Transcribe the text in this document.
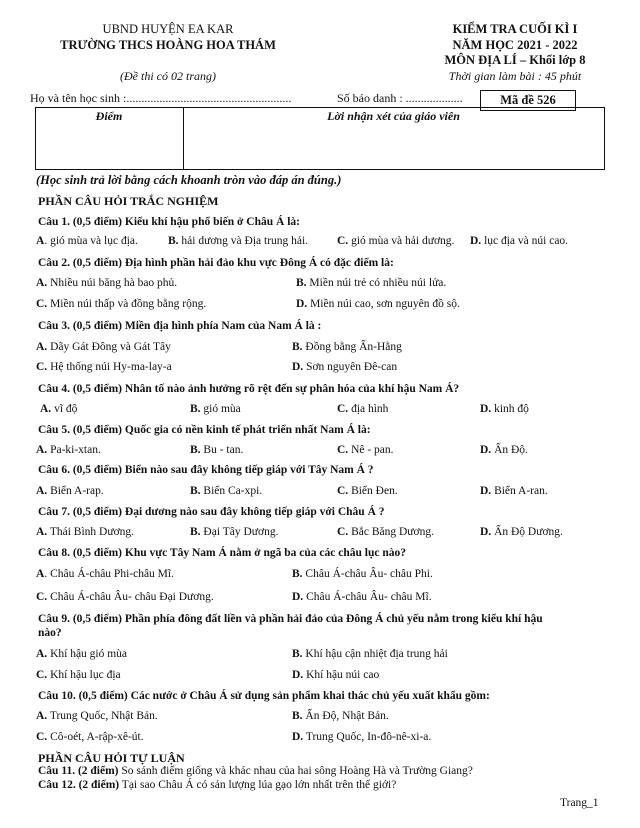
UBND HUYỆN EA KAR
TRƯỜNG THCS HOÀNG HOA THÁM
(Đề thi có 02 trang)
KIỂM TRA CUỐI KÌ I
NĂM HỌC 2021 - 2022
MÔN ĐỊA LÍ – Khối lớp 8
Thời gian làm bài : 45 phút
Họ và tên học sinh :.......................................................	Số báo danh : ...................	Mã đề 526
Điểm	Lời nhận xét của giáo viên
(Học sinh trả lời bằng cách khoanh tròn vào đáp án đúng.)
PHẦN CÂU HỎI TRẮC NGHIỆM
Câu 1. (0,5 điểm) Kiểu khí hậu phổ biến ở Châu Á là:
A. gió mùa và lục địa.	B. hải dương và Địa trung hải.	C. gió mùa và hải dương. D. lục địa và núi cao.
Câu 2. (0,5 điểm) Địa hình phần hải đảo khu vực Đông Á có đặc điểm là:
A. Nhiều núi băng hà bao phủ.	B. Miền núi trẻ có nhiều núi lửa.
C. Miền núi thấp và đồng bằng rộng.	D. Miền núi cao, sơn nguyên đồ sộ.
Câu 3. (0,5 điểm) Miền địa hình phía Nam của Nam Á là :
A. Dãy Gát Đông và Gát Tây	B. Đồng bằng Ấn-Hằng
C. Hệ thống núi Hy-ma-lay-a	D. Sơn nguyên Đê-can
Câu 4. (0,5 điểm) Nhân tố nào ảnh hưởng rõ rệt đến sự phân hóa của khí hậu Nam Á?
A. vĩ độ	B. gió mùa	C. địa hình	D. kinh độ
Câu 5. (0,5 điểm) Quốc gia có nền kinh tế phát triển nhất Nam Á là:
A. Pa-ki-xtan.	B. Bu - tan.	C. Nê - pan.	D. Ấn Độ.
Câu 6. (0,5 điểm) Biển nào sau đây không tiếp giáp với Tây Nam Á ?
A. Biển A-rap.	B. Biển Ca-xpi.	C. Biển Đen.	D. Biển A-ran.
Câu 7. (0,5 điểm) Đại dương nào sau đây không tiếp giáp với Châu Á ?
A. Thái Bình Dương.	B. Đại Tây Dương.	C. Bắc Băng Dương.	D. Ấn Độ Dương.
Câu 8. (0,5 điểm) Khu vực Tây Nam Á nằm ở ngã ba của các châu lục nào?
A. Châu Á-châu Phi-châu Mĩ.	B. Châu Á-châu Âu- châu Phi.
C. Châu Á-châu Âu- châu Đại Dương.	D. Châu Á-châu Âu- châu Mĩ.
Câu 9. (0,5 điểm) Phần phía đông đất liền và phần hải đảo của Đông Á chủ yếu nằm trong kiểu khí hậu
nào?
A. Khí hậu gió mùa	B. Khí hậu cận nhiệt địa trung hải
C. Khí hậu lục địa	D. Khí hậu núi cao
Câu 10. (0,5 điểm) Các nước ở Châu Á sử dụng sản phẩm khai thác chủ yếu xuất khẩu gồm:
A. Trung Quốc, Nhật Bản.	B. Ấn Độ, Nhật Bản.
C. Cô-oét, A-rập-xê-út.	D. Trung Quốc, In-đô-nê-xi-a.
PHẦN CÂU HỎI TỰ LUẬN
Câu 11. (2 điểm) So sánh điểm giống và khác nhau của hai sông Hoàng Hà và Trường Giang?
Câu 12. (2 điểm) Tại sao Châu Á có sản lượng lúa gạo lớn nhất trên thế giới?
Trang_1
